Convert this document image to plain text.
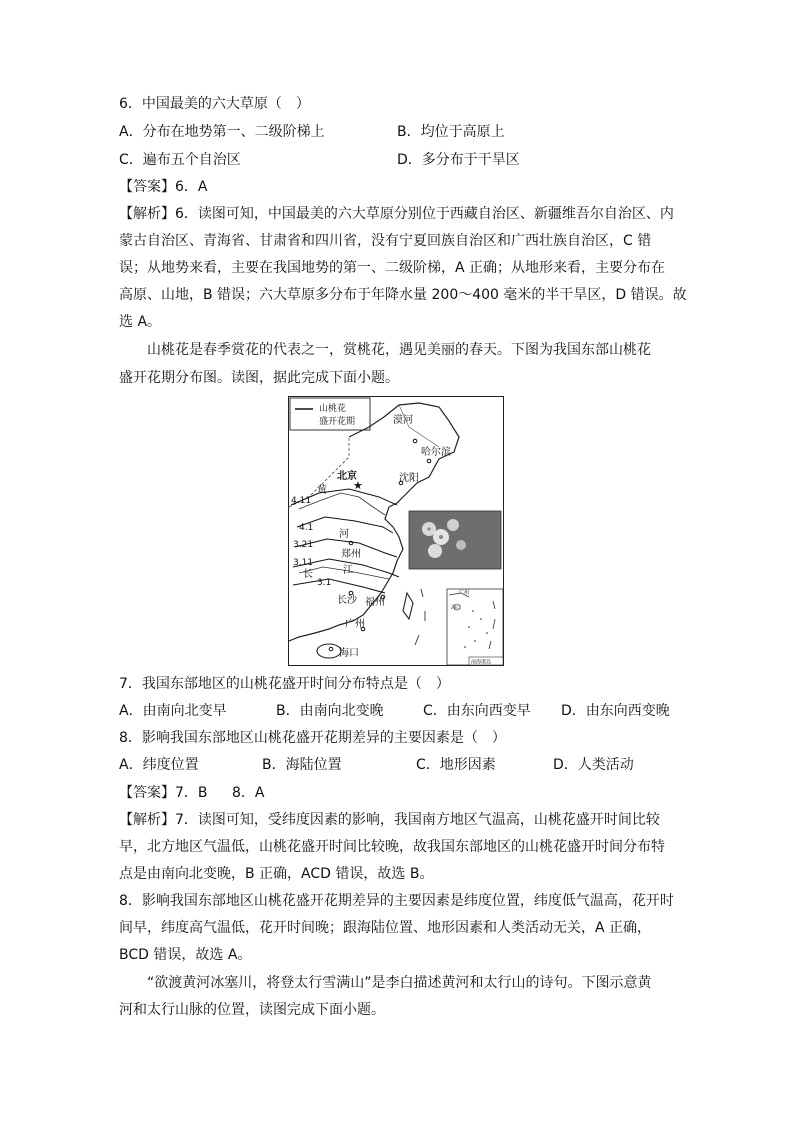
6．中国最美的六大草原（　）
A．分布在地势第一、二级阶梯上	B．均位于高原上
C．遍布五个自治区	D．多分布于干旱区
【答案】6．A
【解析】6．读图可知，中国最美的六大草原分别位于西藏自治区、新疆维吾尔自治区、内
蒙古自治区、青海省、甘肃省和四川省，没有宁夏回族自治区和广西壮族自治区，C 错
误；从地势来看，主要在我国地势的第一、二级阶梯，A 正确；从地形来看，主要分布在
高原、山地，B 错误；六大草原多分布于年降水量 200～400 毫米的半干旱区，D 错误。故
选 A。
山桃花是春季赏花的代表之一，赏桃花，遇见美丽的春天。下图为我国东部山桃花
盛开花期分布图。读图，据此完成下面小题。
山桃花
盛开花期
4.11
4.1
3.21
3.11
3.1
黄
河
长	江
★
漠河
哈尔滨
沈阳
北京
郑州
长沙 福州
广州
海口
广州
海口
南海诸岛
7．我国东部地区的山桃花盛开时间分布特点是（　）
A．由南向北变早	B．由南向北变晚	C．由东向西变早 D．由东向西变晚
8．影响我国东部地区山桃花盛开花期差异的主要因素是（　）
A．纬度位置	B．海陆位置	C．地形因素	D．人类活动
【答案】7．B 8．A
【解析】7．读图可知，受纬度因素的影响，我国南方地区气温高，山桃花盛开时间比较
早，北方地区气温低，山桃花盛开时间比较晚，故我国东部地区的山桃花盛开时间分布特
点是由南向北变晚，B 正确，ACD 错误，故选 B。
8．影响我国东部地区山桃花盛开花期差异的主要因素是纬度位置，纬度低气温高，花开时
间早，纬度高气温低，花开时间晚；跟海陆位置、地形因素和人类活动无关，A 正确，
BCD 错误，故选 A。
“欲渡黄河冰塞川，将登太行雪满山”是李白描述黄河和太行山的诗句。下图示意黄
河和太行山脉的位置，读图完成下面小题。
